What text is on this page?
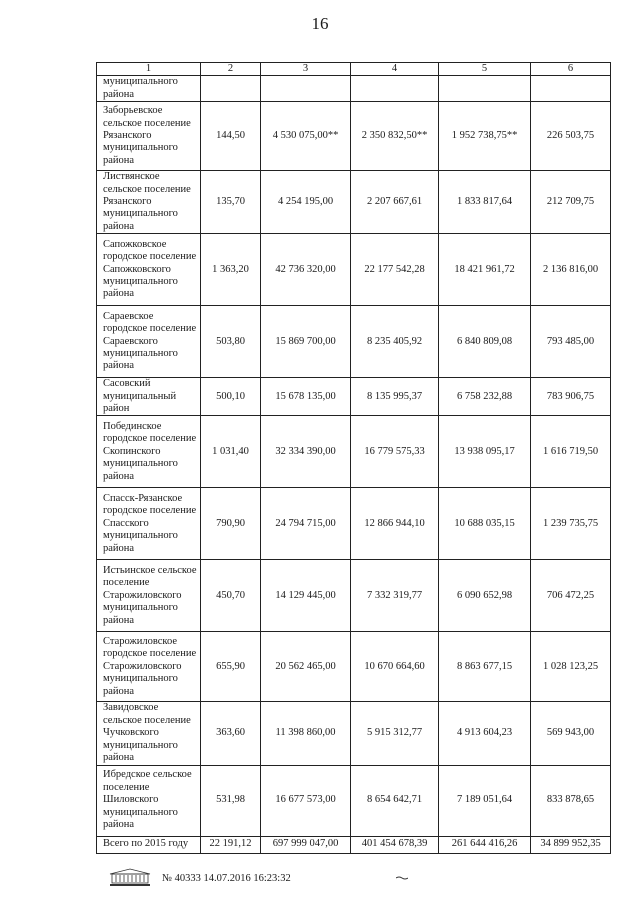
16
1	2	3	4	5	6
муниципального района					
Заборьевское сельское поселение Рязанского муниципального района	144,50	4 530 075,00**	2 350 832,50**	1 952 738,75**	226 503,75
Листвянское сельское поселение Рязанского муниципального района	135,70	4 254 195,00	2 207 667,61	1 833 817,64	212 709,75
Сапожковское городское поселение Сапожковского муниципального района	1 363,20	42 736 320,00	22 177 542,28	18 421 961,72	2 136 816,00
Сараевское городское поселение Сараевского муниципального района	503,80	15 869 700,00	8 235 405,92	6 840 809,08	793 485,00
Сасовский муниципальный район	500,10	15 678 135,00	8 135 995,37	6 758 232,88	783 906,75
Побединское городское поселение Скопинского муниципального района	1 031,40	32 334 390,00	16 779 575,33	13 938 095,17	1 616 719,50
Спасск-Рязанское городское поселение Спасского муниципального района	790,90	24 794 715,00	12 866 944,10	10 688 035,15	1 239 735,75
Истьинское сельское поселение Старожиловского муниципального района	450,70	14 129 445,00	7 332 319,77	6 090 652,98	706 472,25
Старожиловское городское поселение Старожиловского муниципального района	655,90	20 562 465,00	10 670 664,60	8 863 677,15	1 028 123,25
Завидовское сельское поселение Чучковского муниципального района	363,60	11 398 860,00	5 915 312,77	4 913 604,23	569 943,00
Ибредское сельское поселение Шиловского муниципального района	531,98	16 677 573,00	8 654 642,71	7 189 051,64	833 878,65
Всего по 2015 году	22 191,12	697 999 047,00	401 454 678,39	261 644 416,26	34 899 952,35
№ 40333 14.07.2016 16:23:32
